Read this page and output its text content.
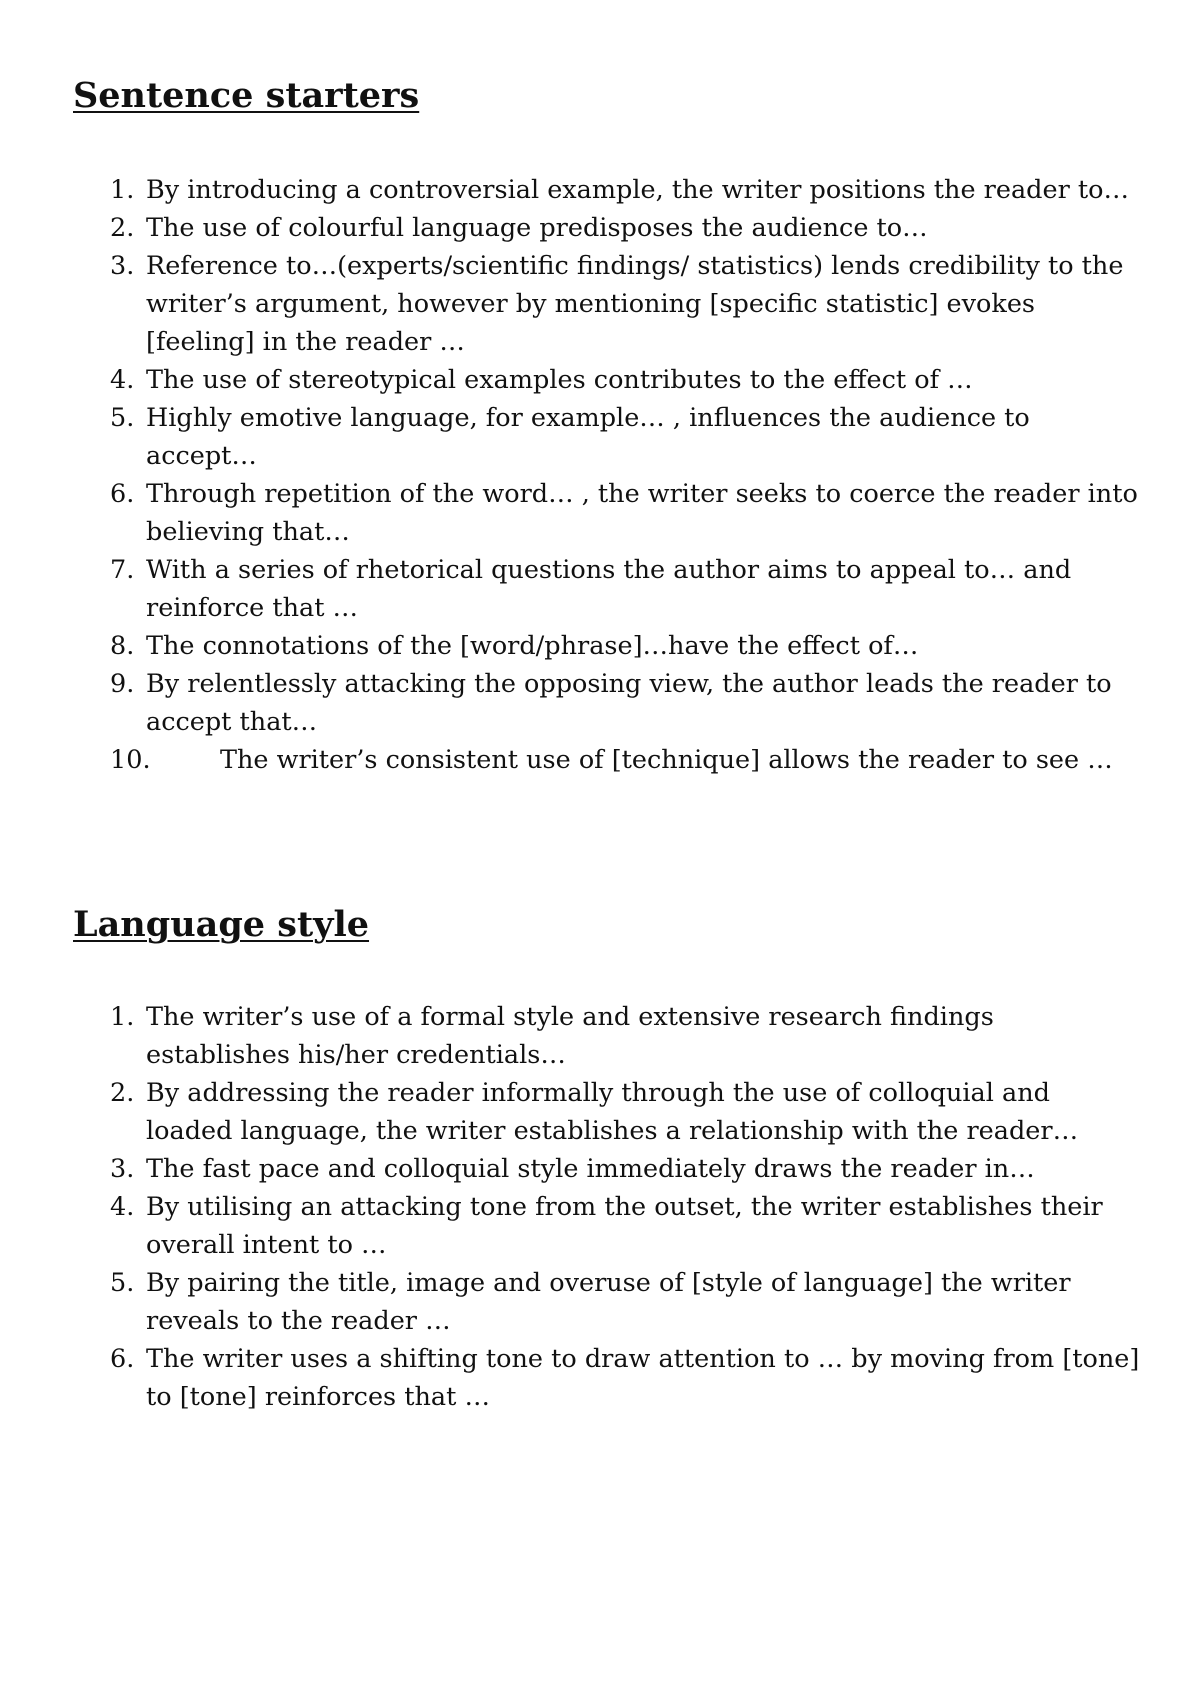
Sentence starters
1. By introducing a controversial example, the writer positions the reader to…
2. The use of colourful language predisposes the audience to…
3. Reference to…(experts/scientific findings/ statistics) lends credibility to the writer’s argument, however by mentioning [specific statistic] evokes [feeling] in the reader …
4. The use of stereotypical examples contributes to the effect of …
5. Highly emotive language, for example… , influences the audience to accept…
6. Through repetition of the word… , the writer seeks to coerce the reader into believing that…
7. With a series of rhetorical questions the author aims to appeal to… and reinforce that …
8. The connotations of the [word/phrase]…have the effect of…
9. By relentlessly attacking the opposing view, the author leads the reader to accept that…
10.	The writer’s consistent use of [technique] allows the reader to see …
Language style
1. The writer’s use of a formal style and extensive research findings establishes his/her credentials…
2. By addressing the reader informally through the use of colloquial and loaded language, the writer establishes a relationship with the reader…
3. The fast pace and colloquial style immediately draws the reader in…
4. By utilising an attacking tone from the outset, the writer establishes their overall intent to …
5. By pairing the title, image and overuse of [style of language] the writer reveals to the reader …
6. The writer uses a shifting tone to draw attention to … by moving from [tone] to [tone] reinforces that …
